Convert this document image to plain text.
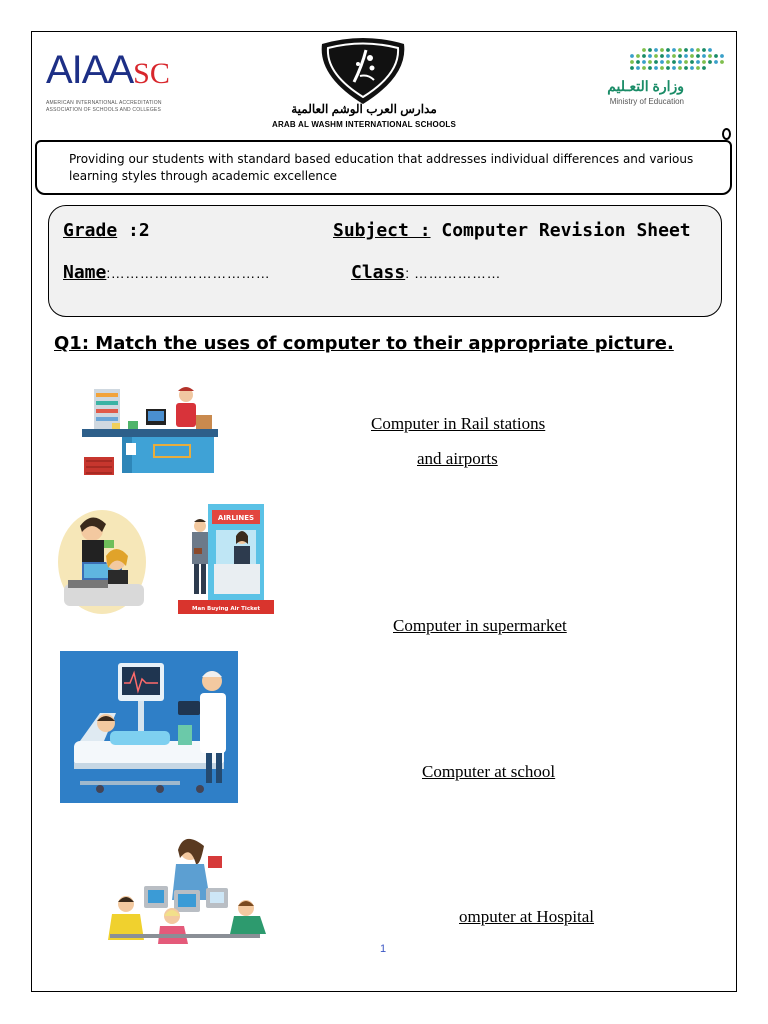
AIAASC
AMERICAN INTERNATIONAL ACCREDITATION
ASSOCIATION OF SCHOOLS AND COLLEGES	مدارس العرب الوشم العالمية
ARAB AL WASHM INTERNATIONAL SCHOOLS
وزارة التعـليم
Ministry of Education
Providing our students with standard based education that addresses individual differences and various
learning styles through academic excellence
Grade :2	Subject : Computer Revision Sheet
Name:……………………………	Class: ………………
Q1: Match the uses of computer to their appropriate picture.
AIRLINES
Man Buying Air Ticket
Computer in Rail stations
and airports
Computer in supermarket
Computer at school
omputer at Hospital
1
